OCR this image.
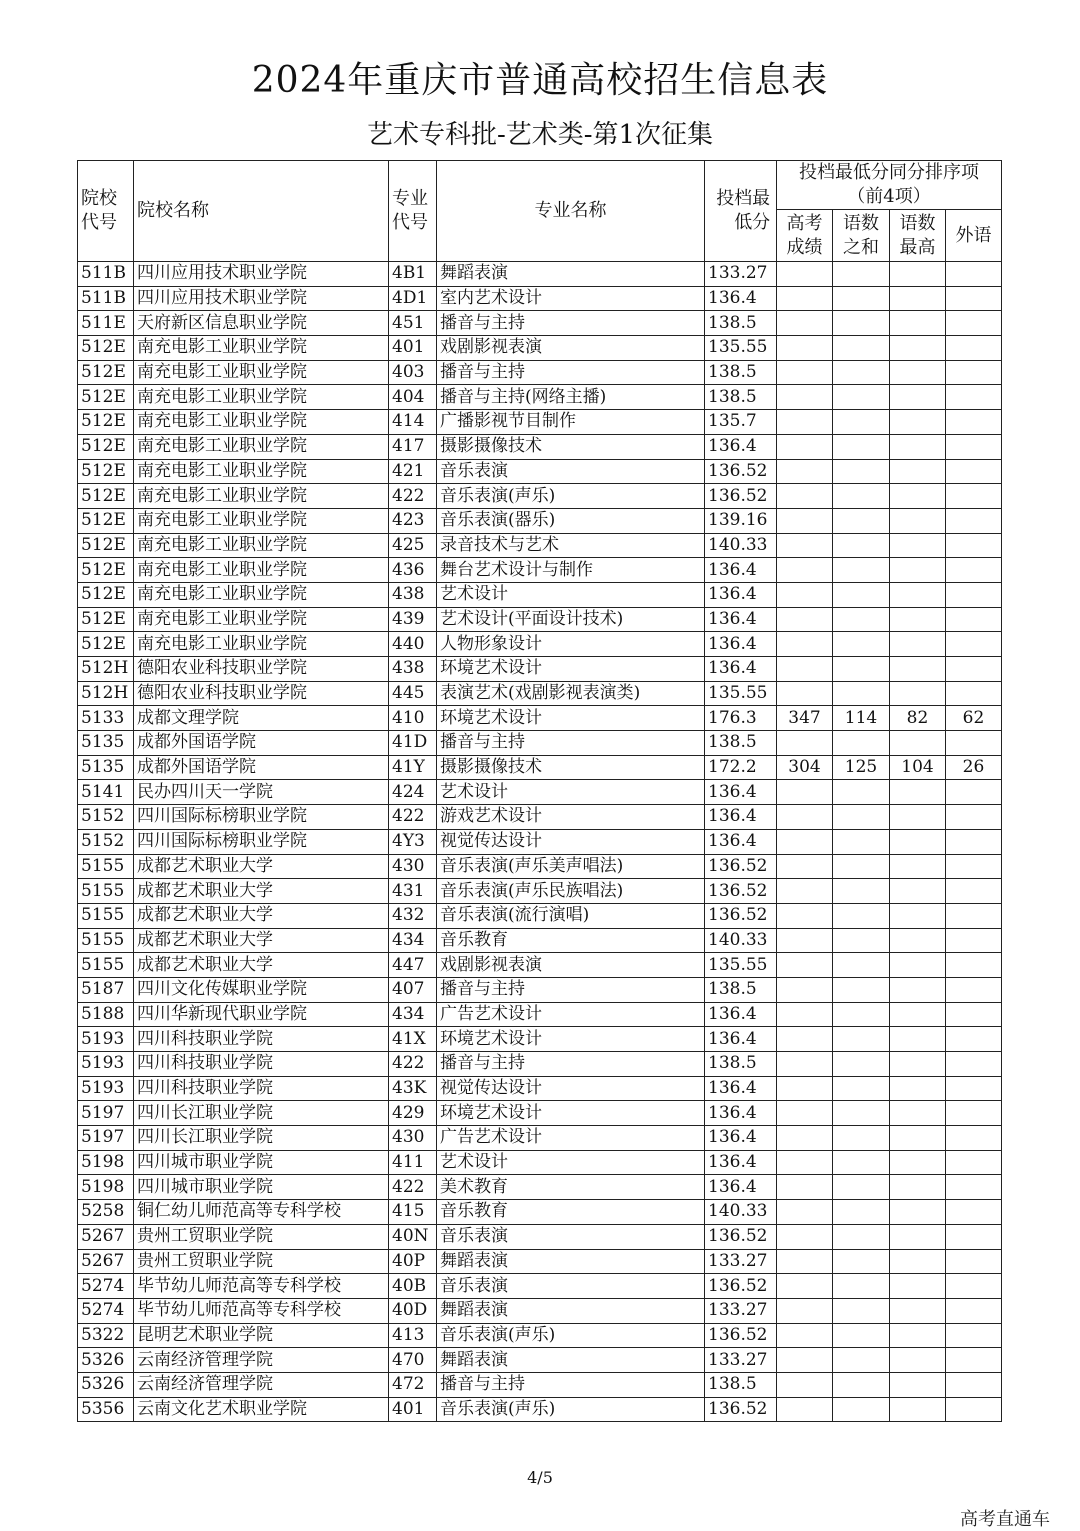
2024年重庆市普通高校招生信息表
艺术专科批-艺术类-第1次征集
院校代号	院校名称	专业代号	专业名称	投档最低分	投档最低分同分排序项（前4项）			

					高考成绩	语数之和	语数最高	外语
511B	四川应用技术职业学院	4B1	舞蹈表演	133.27				
511B	四川应用技术职业学院	4D1	室内艺术设计	136.4				
511E	天府新区信息职业学院	451	播音与主持	138.5				
512E	南充电影工业职业学院	401	戏剧影视表演	135.55				
512E	南充电影工业职业学院	403	播音与主持	138.5				
512E	南充电影工业职业学院	404	播音与主持(网络主播)	138.5				
512E	南充电影工业职业学院	414	广播影视节目制作	135.7				
512E	南充电影工业职业学院	417	摄影摄像技术	136.4				
512E	南充电影工业职业学院	421	音乐表演	136.52				
512E	南充电影工业职业学院	422	音乐表演(声乐)	136.52				
512E	南充电影工业职业学院	423	音乐表演(器乐)	139.16				
512E	南充电影工业职业学院	425	录音技术与艺术	140.33				
512E	南充电影工业职业学院	436	舞台艺术设计与制作	136.4				
512E	南充电影工业职业学院	438	艺术设计	136.4				
512E	南充电影工业职业学院	439	艺术设计(平面设计技术)	136.4				
512E	南充电影工业职业学院	440	人物形象设计	136.4				
512H	德阳农业科技职业学院	438	环境艺术设计	136.4				
512H	德阳农业科技职业学院	445	表演艺术(戏剧影视表演类)	135.55				
5133	成都文理学院	410	环境艺术设计	176.3	347	114	82	62
5135	成都外国语学院	41D	播音与主持	138.5				
5135	成都外国语学院	41Y	摄影摄像技术	172.2	304	125	104	26
5141	民办四川天一学院	424	艺术设计	136.4				
5152	四川国际标榜职业学院	422	游戏艺术设计	136.4				
5152	四川国际标榜职业学院	4Y3	视觉传达设计	136.4				
5155	成都艺术职业大学	430	音乐表演(声乐美声唱法)	136.52				
5155	成都艺术职业大学	431	音乐表演(声乐民族唱法)	136.52				
5155	成都艺术职业大学	432	音乐表演(流行演唱)	136.52				
5155	成都艺术职业大学	434	音乐教育	140.33				
5155	成都艺术职业大学	447	戏剧影视表演	135.55				
5187	四川文化传媒职业学院	407	播音与主持	138.5				
5188	四川华新现代职业学院	434	广告艺术设计	136.4				
5193	四川科技职业学院	41X	环境艺术设计	136.4				
5193	四川科技职业学院	422	播音与主持	138.5				
5193	四川科技职业学院	43K	视觉传达设计	136.4				
5197	四川长江职业学院	429	环境艺术设计	136.4				
5197	四川长江职业学院	430	广告艺术设计	136.4				
5198	四川城市职业学院	411	艺术设计	136.4				
5198	四川城市职业学院	422	美术教育	136.4				
5258	铜仁幼儿师范高等专科学校	415	音乐教育	140.33				
5267	贵州工贸职业学院	40N	音乐表演	136.52				
5267	贵州工贸职业学院	40P	舞蹈表演	133.27				
5274	毕节幼儿师范高等专科学校	40B	音乐表演	136.52				
5274	毕节幼儿师范高等专科学校	40D	舞蹈表演	133.27				
5322	昆明艺术职业学院	413	音乐表演(声乐)	136.52				
5326	云南经济管理学院	470	舞蹈表演	133.27				
5326	云南经济管理学院	472	播音与主持	138.5				
5356	云南文化艺术职业学院	401	音乐表演(声乐)	136.52				
4/5
高考直通车
